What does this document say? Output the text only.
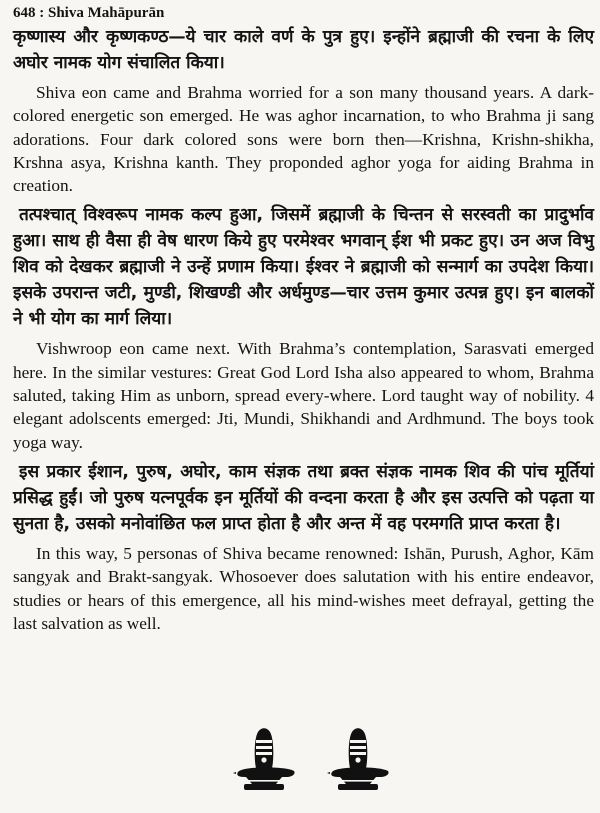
648 : Shiva Mahāpurān

कृष्णास्य और कृष्णकण्ठ—ये चार काले वर्ण के पुत्र हुए। इन्होंने ब्रह्माजी की रचना के लिए अघोर नामक योग संचालित किया।

Shiva eon came and Brahma worried for a son many thousand years. A dark-colored energetic son emerged. He was aghor incarnation, to who Brahma ji sang adorations. Four dark colored sons were born then—Krishna, Krishn-shikha, Krshna asya, Krishna kanth. They proponded aghor yoga for aiding Brahma in creation.

तत्पश्चात् विश्वरूप नामक कल्प हुआ, जिसमें ब्रह्माजी के चिन्तन से सरस्वती का प्रादुर्भाव हुआ। साथ ही वैसा ही वेष धारण किये हुए परमेश्वर भगवान् ईश भी प्रकट हुए। उन अज विभु शिव को देखकर ब्रह्माजी ने उन्हें प्रणाम किया। ईश्वर ने ब्रह्माजी को सन्मार्ग का उपदेश किया। इसके उपरान्त जटी, मुण्डी, शिखण्डी और अर्धमुण्ड—चार उत्तम कुमार उत्पन्न हुए। इन बालकों ने भी योग का मार्ग लिया।

Vishwroop eon came next. With Brahma’s contemplation, Sarasvati emerged here. In the similar vestures: Great God Lord Isha also appeared to whom, Brahma saluted, taking Him as unborn, spread every-where. Lord taught way of nobility. 4 elegant adolscents emerged: Jti, Mundi, Shikhandi and Ardhmund. The boys took yoga way.

इस प्रकार ईशान, पुरुष, अघोर, काम संज्ञक तथा ब्रक्त संज्ञक नामक शिव की पांच मूर्तियां प्रसिद्ध हुईं। जो पुरुष यत्नपूर्वक इन मूर्तियों की वन्दना करता है और इस उत्पत्ति को पढ़ता या सुनता है, उसको मनोवांछित फल प्राप्त होता है और अन्त में वह परमगति प्राप्त करता है।

In this way, 5 personas of Shiva became renowned: Ishān, Purush, Aghor, Kām sangyak and Brakt-sangyak. Whosoever does salutation with his entire endeavor, studies or hears of this emergence, all his mind-wishes meet defrayal, getting the last salvation as well.
